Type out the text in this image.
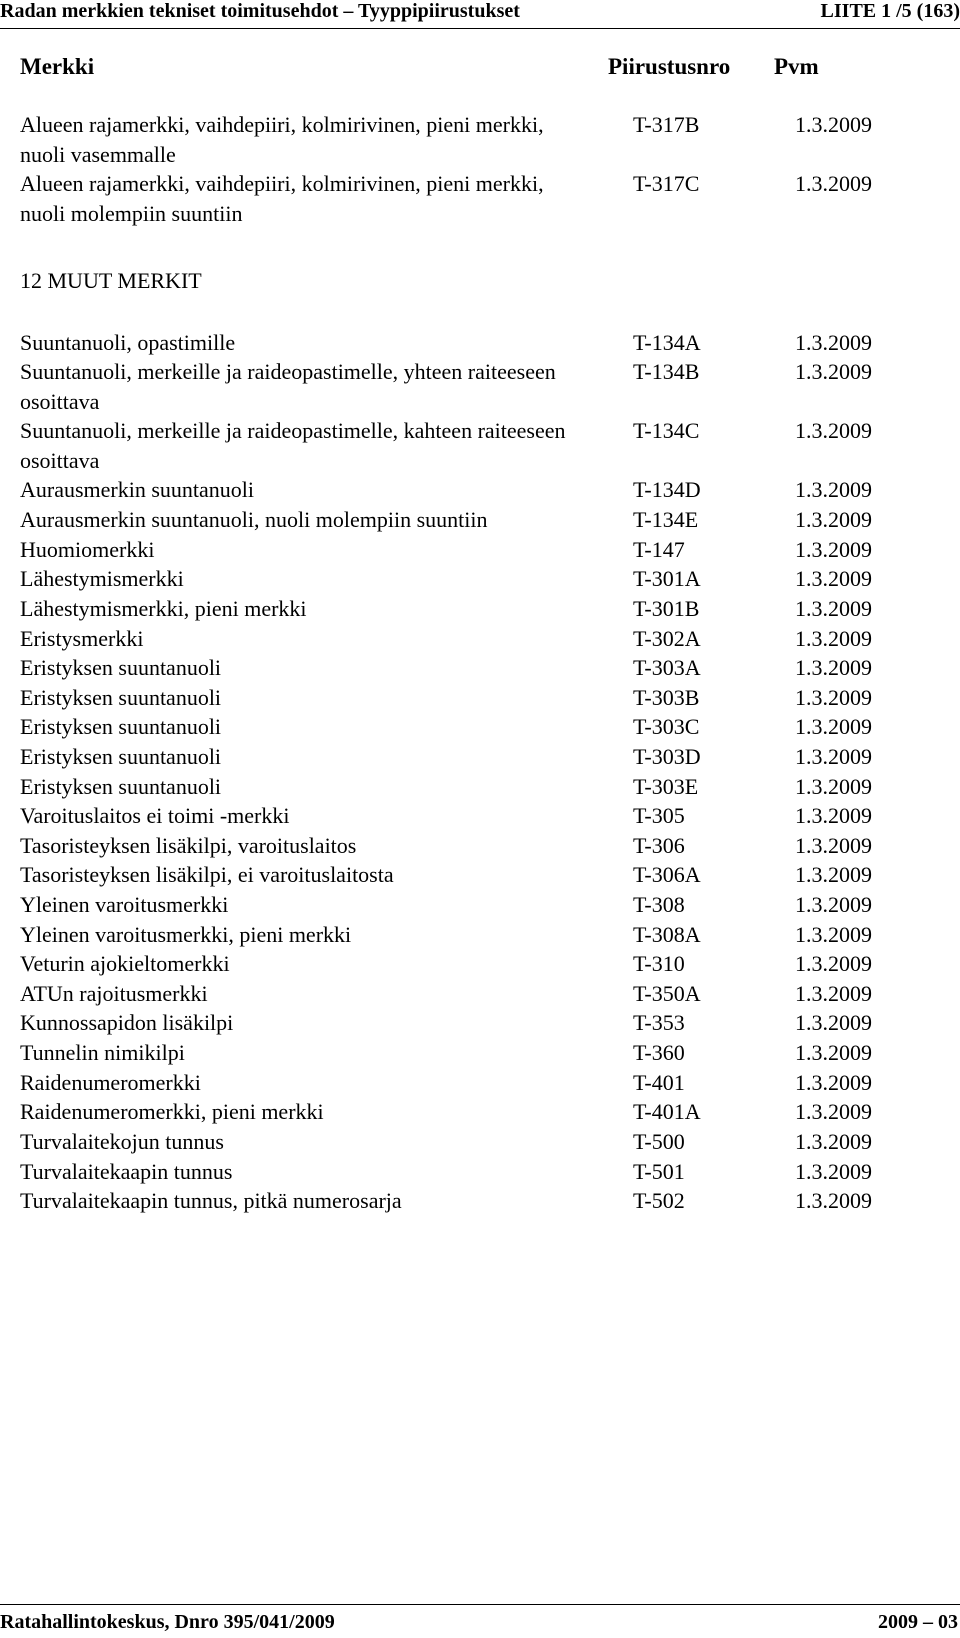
Radan merkkien tekniset toimitusehdot – Tyyppipiirustukset	LIITE 1 /5 (163)
Merkki	Piirustusnro Pvm
Alueen rajamerkki, vaihdepiiri, kolmirivinen, pieni merkki, nuoli vasemmalle
T-317B	1.3.2009
Alueen rajamerkki, vaihdepiiri, kolmirivinen, pieni merkki, nuoli molempiin suuntiin
T-317C	1.3.2009
12 MUUT MERKIT
Suuntanuoli, opastimille	T-134A	1.3.2009
Suuntanuoli, merkeille ja raideopastimelle, yhteen raiteeseen osoittava
T-134B	1.3.2009
Suuntanuoli, merkeille ja raideopastimelle, kahteen raiteeseen osoittava
T-134C	1.3.2009
Aurausmerkin suuntanuoli	T-134D	1.3.2009
Aurausmerkin suuntanuoli, nuoli molempiin suuntiin	T-134E	1.3.2009
Huomiomerkki	T-147	1.3.2009
Lähestymismerkki	T-301A	1.3.2009
Lähestymismerkki, pieni merkki	T-301B	1.3.2009
Eristysmerkki	T-302A	1.3.2009
Eristyksen suuntanuoli	T-303A	1.3.2009
Eristyksen suuntanuoli	T-303B	1.3.2009
Eristyksen suuntanuoli	T-303C	1.3.2009
Eristyksen suuntanuoli	T-303D	1.3.2009
Eristyksen suuntanuoli	T-303E	1.3.2009
Varoituslaitos ei toimi -merkki	T-305	1.3.2009
Tasoristeyksen lisäkilpi, varoituslaitos	T-306	1.3.2009
Tasoristeyksen lisäkilpi, ei varoituslaitosta	T-306A	1.3.2009
Yleinen varoitusmerkki	T-308	1.3.2009
Yleinen varoitusmerkki, pieni merkki	T-308A	1.3.2009
Veturin ajokieltomerkki	T-310	1.3.2009
ATUn rajoitusmerkki	T-350A	1.3.2009
Kunnossapidon lisäkilpi	T-353	1.3.2009
Tunnelin nimikilpi	T-360	1.3.2009
Raidenumeromerkki	T-401	1.3.2009
Raidenumeromerkki, pieni merkki	T-401A	1.3.2009
Turvalaitekojun tunnus	T-500	1.3.2009
Turvalaitekaapin tunnus	T-501	1.3.2009
Turvalaitekaapin tunnus, pitkä numerosarja	T-502	1.3.2009
Ratahallintokeskus, Dnro 395/041/2009	2009 – 03
